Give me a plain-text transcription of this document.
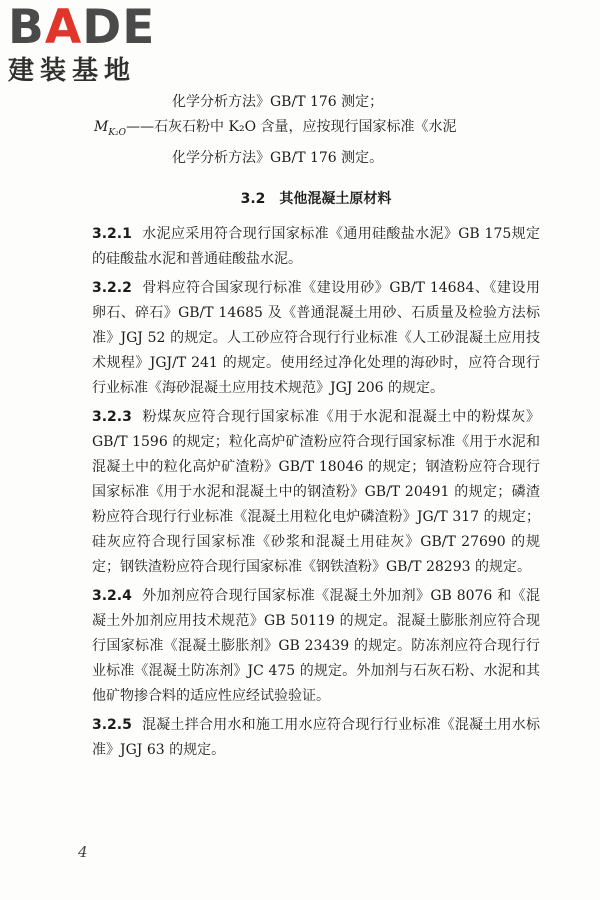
BADE
建装基地

化学分析方法》GB/T 176 测定；

$M_{K_2O}——$石灰石粉中 K₂O 含量，应按现行国家标准《水泥

化学分析方法》GB/T 176 测定。

3.2　其他混凝土原材料

3.2.1 水泥应采用符合现行国家标准《通用硅酸盐水泥》GB 175规定的硅酸盐水泥和普通硅酸盐水泥。

3.2.2 骨料应符合国家现行标准《建设用砂》GB/T 14684、《建设用卵石、碎石》GB/T 14685 及《普通混凝土用砂、石质量及检验方法标准》JGJ 52 的规定。人工砂应符合现行行业标准《人工砂混凝土应用技术规程》JGJ/T 241 的规定。使用经过净化处理的海砂时，应符合现行行业标准《海砂混凝土应用技术规范》JGJ 206 的规定。

3.2.3 粉煤灰应符合现行国家标准《用于水泥和混凝土中的粉煤灰》GB/T 1596 的规定；粒化高炉矿渣粉应符合现行国家标准《用于水泥和混凝土中的粒化高炉矿渣粉》GB/T 18046 的规定；钢渣粉应符合现行国家标准《用于水泥和混凝土中的钢渣粉》GB/T 20491 的规定；磷渣粉应符合现行行业标准《混凝土用粒化电炉磷渣粉》JG/T 317 的规定；硅灰应符合现行国家标准《砂浆和混凝土用硅灰》GB/T 27690 的规定；钢铁渣粉应符合现行国家标准《钢铁渣粉》GB/T 28293 的规定。

3.2.4 外加剂应符合现行国家标准《混凝土外加剂》GB 8076 和《混凝土外加剂应用技术规范》GB 50119 的规定。混凝土膨胀剂应符合现行国家标准《混凝土膨胀剂》GB 23439 的规定。防冻剂应符合现行行业标准《混凝土防冻剂》JC 475 的规定。外加剂与石灰石粉、水泥和其他矿物掺合料的适应性应经试验验证。

3.2.5 混凝土拌合用水和施工用水应符合现行行业标准《混凝土用水标准》JGJ 63 的规定。

4
